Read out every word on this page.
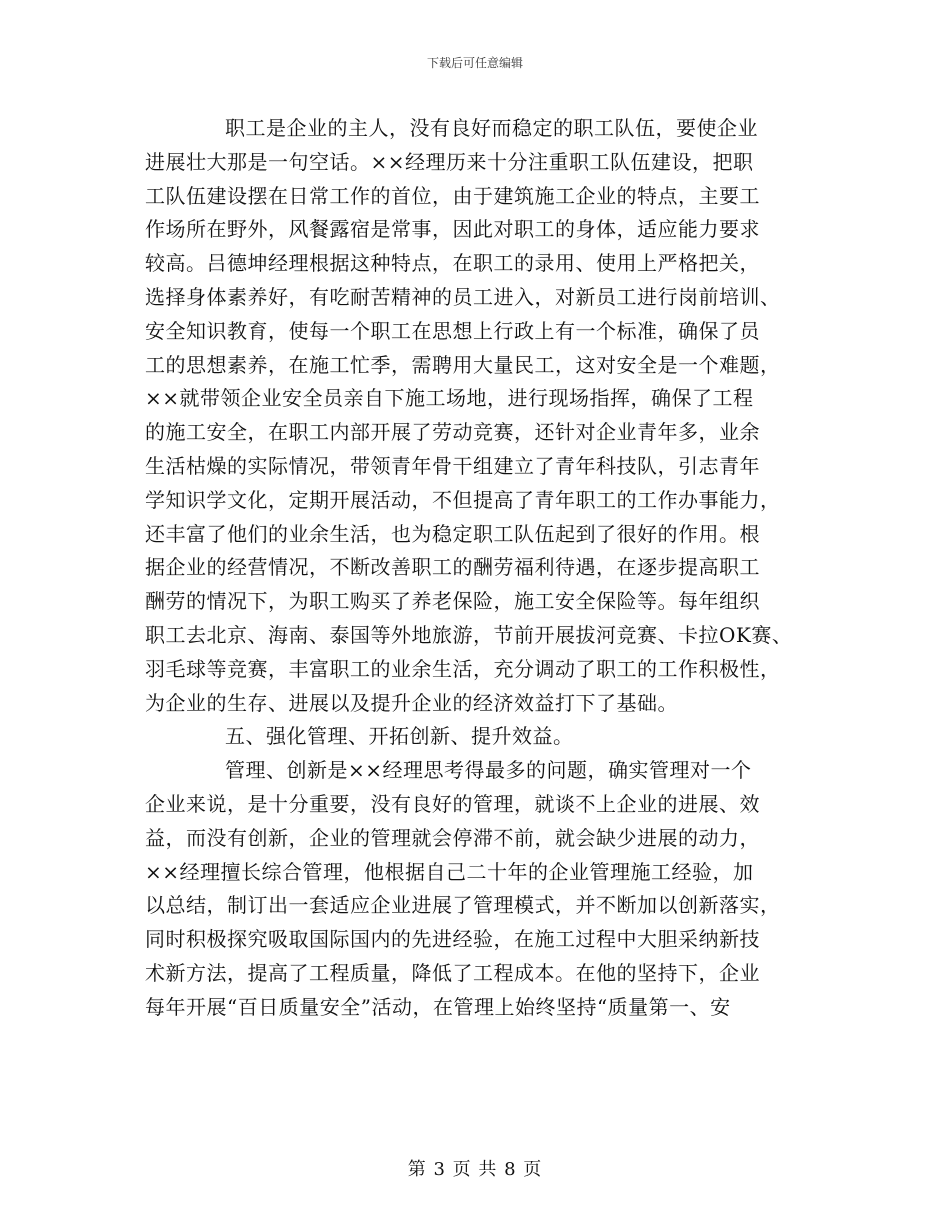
下载后可任意编辑
职工是企业的主人，没有良好而稳定的职工队伍，要使企业
进展壮大那是一句空话。××经理历来十分注重职工队伍建设，把职
工队伍建设摆在日常工作的首位，由于建筑施工企业的特点，主要工
作场所在野外，风餐露宿是常事，因此对职工的身体，适应能力要求
较高。吕德坤经理根据这种特点，在职工的录用、使用上严格把关，
选择身体素养好，有吃耐苦精神的员工进入，对新员工进行岗前培训、
安全知识教育，使每一个职工在思想上行政上有一个标准，确保了员
工的思想素养，在施工忙季，需聘用大量民工，这对安全是一个难题，
××就带领企业安全员亲自下施工场地，进行现场指挥，确保了工程
的施工安全，在职工内部开展了劳动竞赛，还针对企业青年多，业余
生活枯燥的实际情况，带领青年骨干组建立了青年科技队，引志青年
学知识学文化，定期开展活动，不但提高了青年职工的工作办事能力，
还丰富了他们的业余生活，也为稳定职工队伍起到了很好的作用。根
据企业的经营情况，不断改善职工的酬劳福利待遇，在逐步提高职工
酬劳的情况下，为职工购买了养老保险，施工安全保险等。每年组织
职工去北京、海南、泰国等外地旅游，节前开展拔河竞赛、卡拉OK赛、
羽毛球等竞赛，丰富职工的业余生活，充分调动了职工的工作积极性，
为企业的生存、进展以及提升企业的经济效益打下了基础。
五、强化管理、开拓创新、提升效益。
管理、创新是××经理思考得最多的问题，确实管理对一个
企业来说，是十分重要，没有良好的管理，就谈不上企业的进展、效
益，而没有创新，企业的管理就会停滞不前，就会缺少进展的动力，
××经理擅长综合管理，他根据自己二十年的企业管理施工经验，加
以总结，制订出一套适应企业进展了管理模式，并不断加以创新落实，
同时积极探究吸取国际国内的先进经验，在施工过程中大胆采纳新技
术新方法，提高了工程质量，降低了工程成本。在他的坚持下，企业
每年开展“百日质量安全”活动，在管理上始终坚持“质量第一、安
第 3 页 共 8 页
